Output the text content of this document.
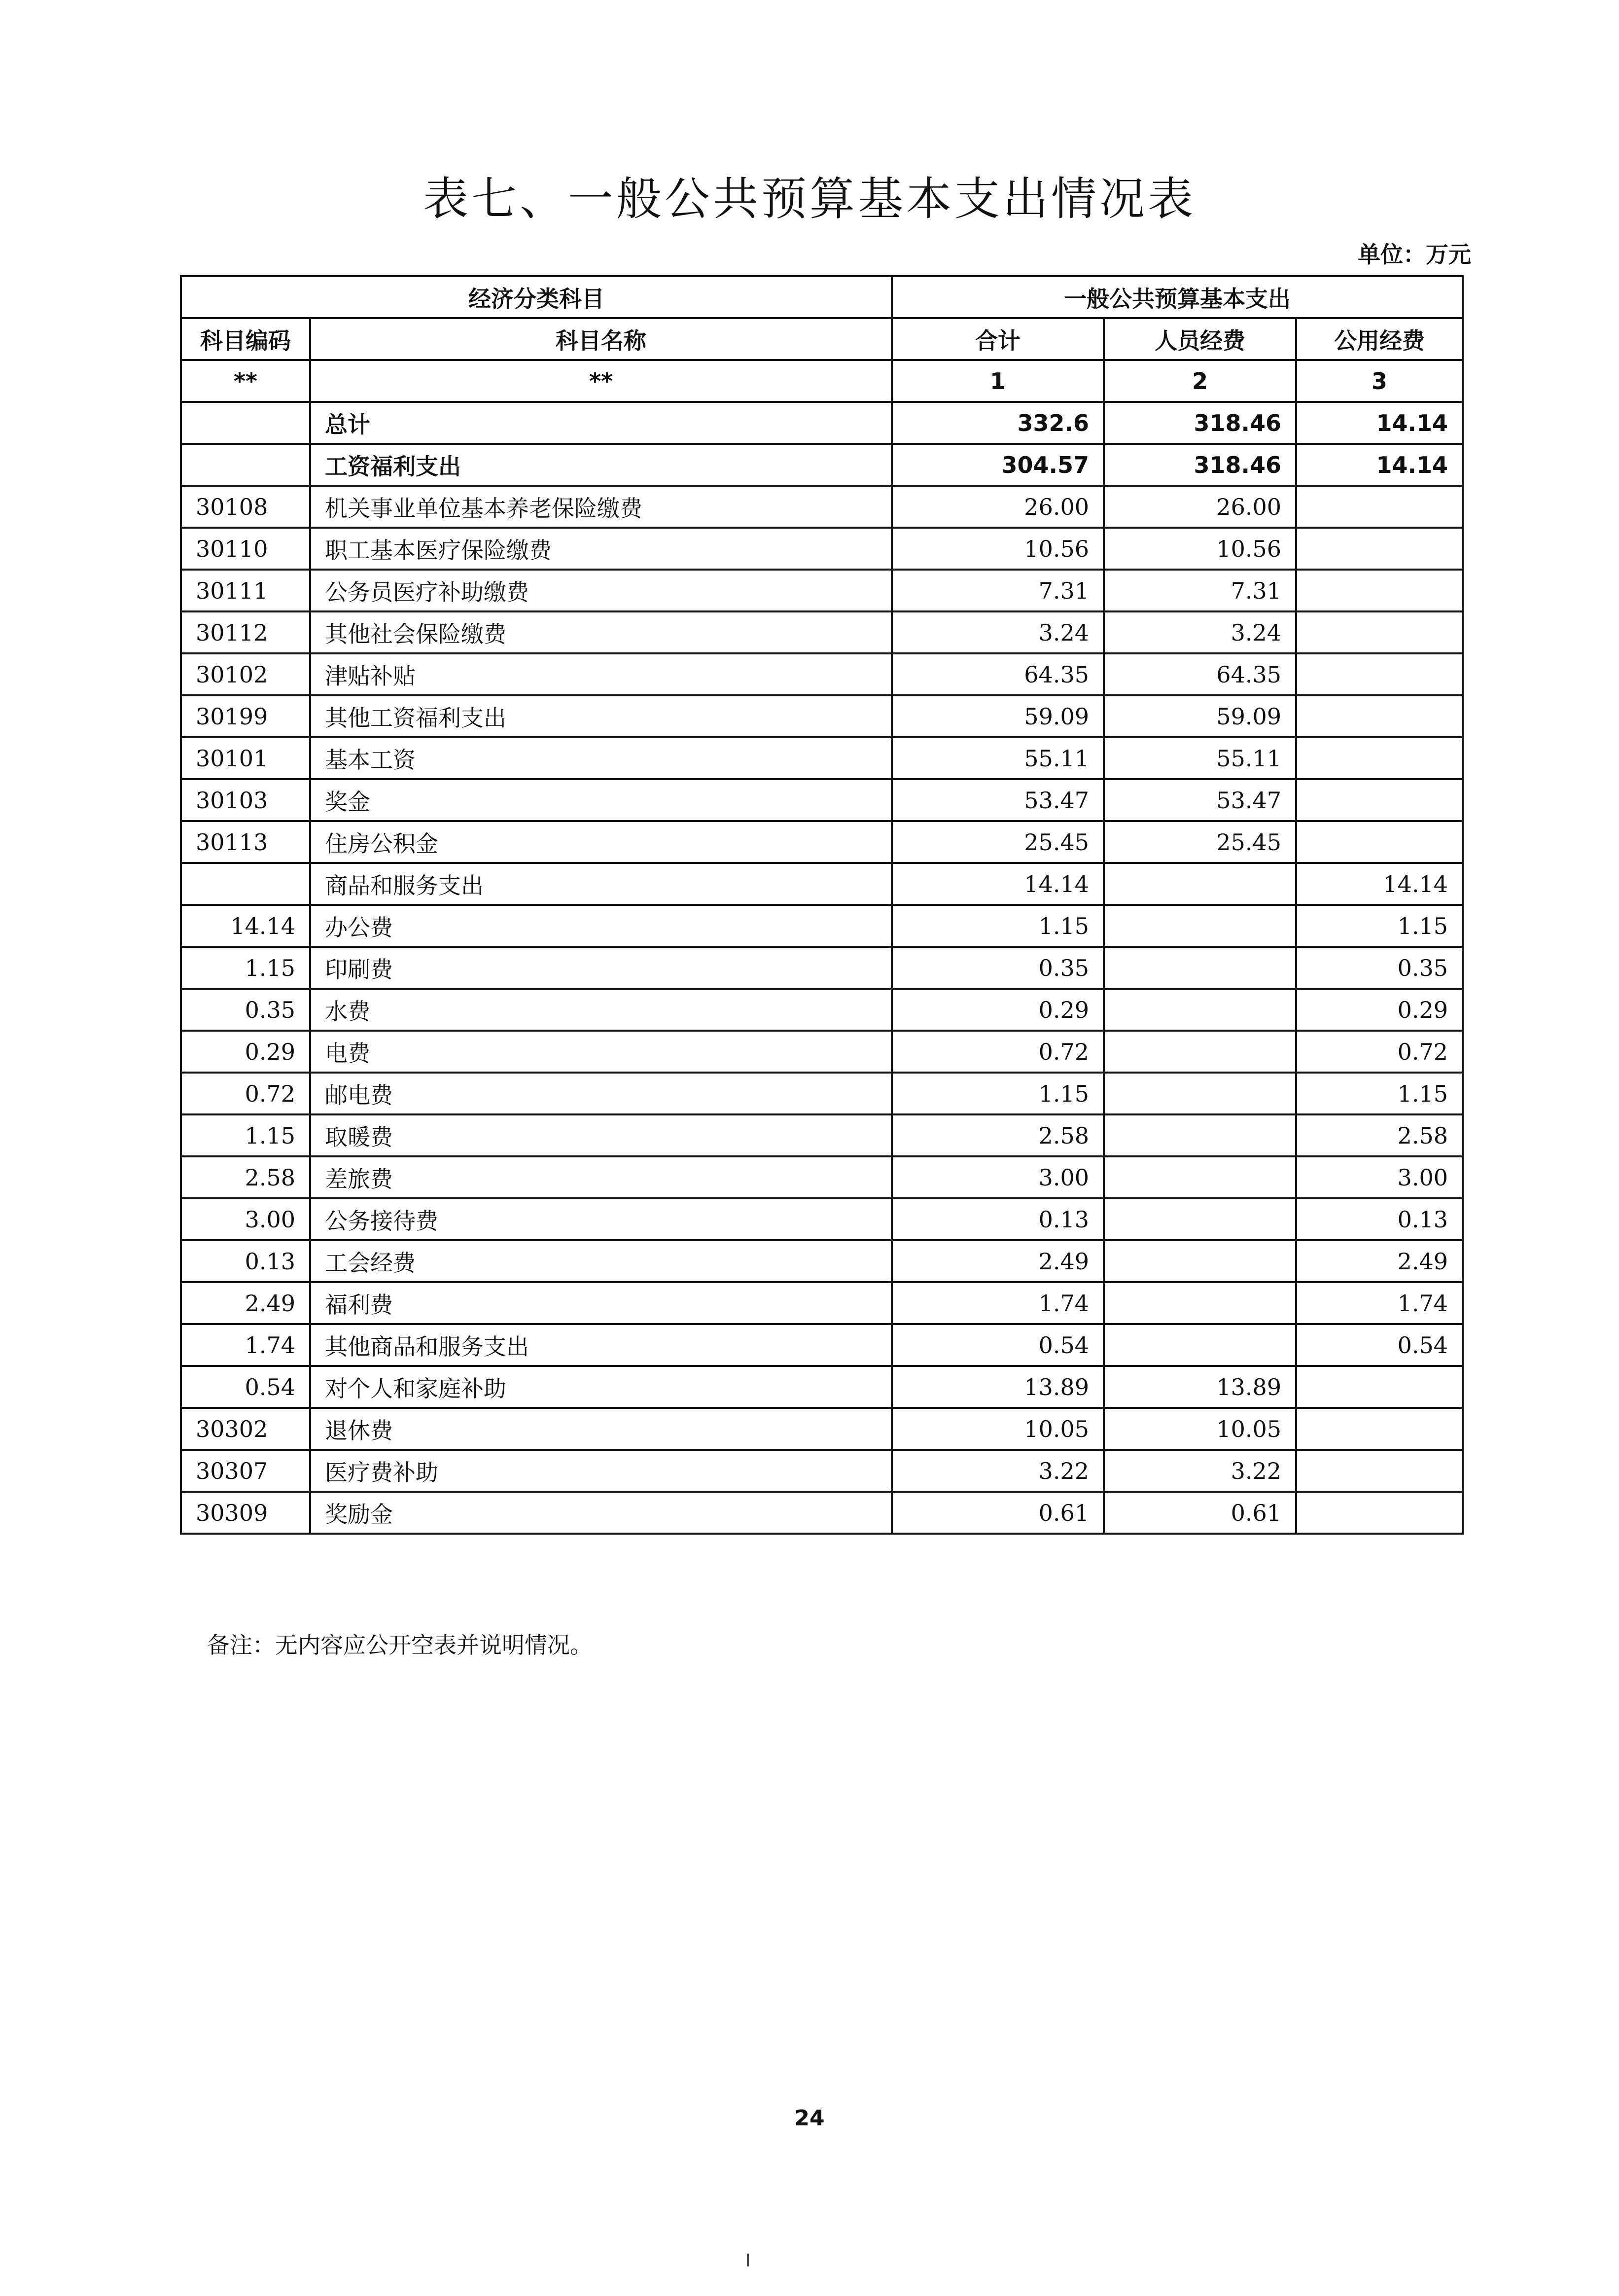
表七、一般公共预算基本支出情况表
单位：万元
经济分类科目		一般公共预算基本支出		
科目编码	科目名称	合计	人员经费	公用经费
**	**	1	2	3
	总计	332.6	318.46	14.14
	工资福利支出	304.57	318.46	14.14
30108	机关事业单位基本养老保险缴费	26.00	26.00	
30110	职工基本医疗保险缴费	10.56	10.56	
30111	公务员医疗补助缴费	7.31	7.31	
30112	其他社会保险缴费	3.24	3.24	
30102	津贴补贴	64.35	64.35	
30199	其他工资福利支出	59.09	59.09	
30101	基本工资	55.11	55.11	
30103	奖金	53.47	53.47	
30113	住房公积金	25.45	25.45	
	商品和服务支出	14.14		14.14
14.14	办公费	1.15		1.15
1.15	印刷费	0.35		0.35
0.35	水费	0.29		0.29
0.29	电费	0.72		0.72
0.72	邮电费	1.15		1.15
1.15	取暖费	2.58		2.58
2.58	差旅费	3.00		3.00
3.00	公务接待费	0.13		0.13
0.13	工会经费	2.49		2.49
2.49	福利费	1.74		1.74
1.74	其他商品和服务支出	0.54		0.54
0.54	对个人和家庭补助	13.89	13.89	
30302	退休费	10.05	10.05	
30307	医疗费补助	3.22	3.22	
30309	奖励金	0.61	0.61	
备注：无内容应公开空表并说明情况。
24
